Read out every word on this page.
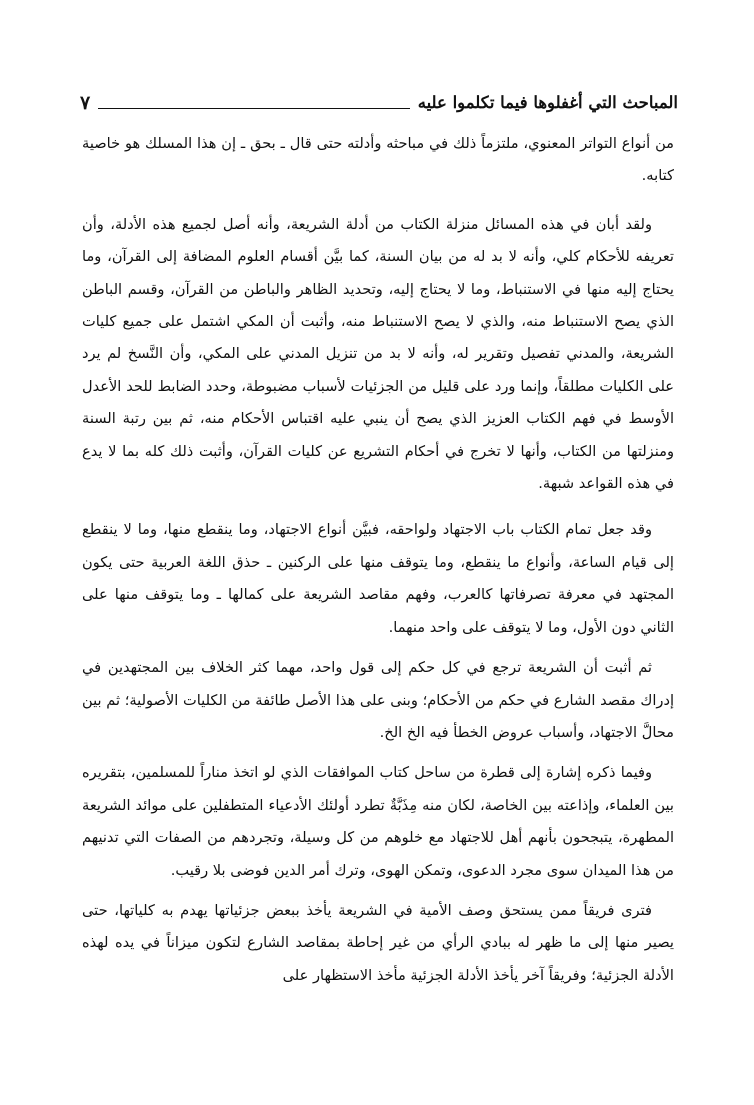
المباحث التي أغفلوها فيما تكلموا عليه
٧

من أنواع التواتر المعنوي، ملتزماً ذلك في مباحثه وأدلته حتى قال ـ بحق ـ إن هذا المسلك هو خاصية كتابه.

ولقد أبان في هذه المسائل منزلة الكتاب من أدلة الشريعة، وأنه أصل لجميع هذه الأدلة، وأن تعريفه للأحكام كلي، وأنه لا بد له من بيان السنة، كما بيَّن أقسام العلوم المضافة إلى القرآن، وما يحتاج إليه منها في الاستنباط، وما لا يحتاج إليه، وتحديد الظاهر والباطن من القرآن، وقسم الباطن الذي يصح الاستنباط منه، والذي لا يصح الاستنباط منه، وأثبت أن المكي اشتمل على جميع كليات الشريعة، والمدني تفصيل وتقرير له، وأنه لا بد من تنزيل المدني على المكي، وأن النَّسخ لم يرد على الكليات مطلقاً، وإنما ورد على قليل من الجزئيات لأسباب مضبوطة، وحدد الضابط للحد الأعدل الأوسط في فهم الكتاب العزيز الذي يصح أن ينبي عليه اقتباس الأحكام منه، ثم بين رتبة السنة ومنزلتها من الكتاب، وأنها لا تخرج في أحكام التشريع عن كليات القرآن، وأثبت ذلك كله بما لا يدع في هذه القواعد شبهة.

وقد جعل تمام الكتاب باب الاجتهاد ولواحقه، فبيَّن أنواع الاجتهاد، وما ينقطع منها، وما لا ينقطع إلى قيام الساعة، وأنواع ما ينقطع، وما يتوقف منها على الركنين ـ حذق اللغة العربية حتى يكون المجتهد في معرفة تصرفاتها كالعرب، وفهم مقاصد الشريعة على كمالها ـ وما يتوقف منها على الثاني دون الأول، وما لا يتوقف على واحد منهما.

ثم أثبت أن الشريعة ترجع في كل حكم إلى قول واحد، مهما كثر الخلاف بين المجتهدين في إدراك مقصد الشارع في حكم من الأحكام؛ وبنى على هذا الأصل طائفة من الكليات الأصولية؛ ثم بين محالَّ الاجتهاد، وأسباب عروض الخطأ فيه الخ الخ.

وفيما ذكره إشارة إلى قطرة من ساحل كتاب الموافقات الذي لو اتخذ مناراً للمسلمين، بتقريره بين العلماء، وإذاعته بين الخاصة، لكان منه مِذَبَّةٌ تطرد أولئك الأدعياء المتطفلين على موائد الشريعة المطهرة، يتبجحون بأنهم أهل للاجتهاد مع خلوهم من كل وسيلة، وتجردهم من الصفات التي تدنيهم من هذا الميدان سوى مجرد الدعوى، وتمكن الهوى، وترك أمر الدين فوضى بلا رقيب.

فترى فريقاً ممن يستحق وصف الأمية في الشريعة يأخذ ببعض جزئياتها يهدم به كلياتها، حتى يصير منها إلى ما ظهر له ببادي الرأي من غير إحاطة بمقاصد الشارع لتكون ميزاناً في يده لهذه الأدلة الجزئية؛ وفريقاً آخر يأخذ الأدلة الجزئية مأخذ الاستظهار على
